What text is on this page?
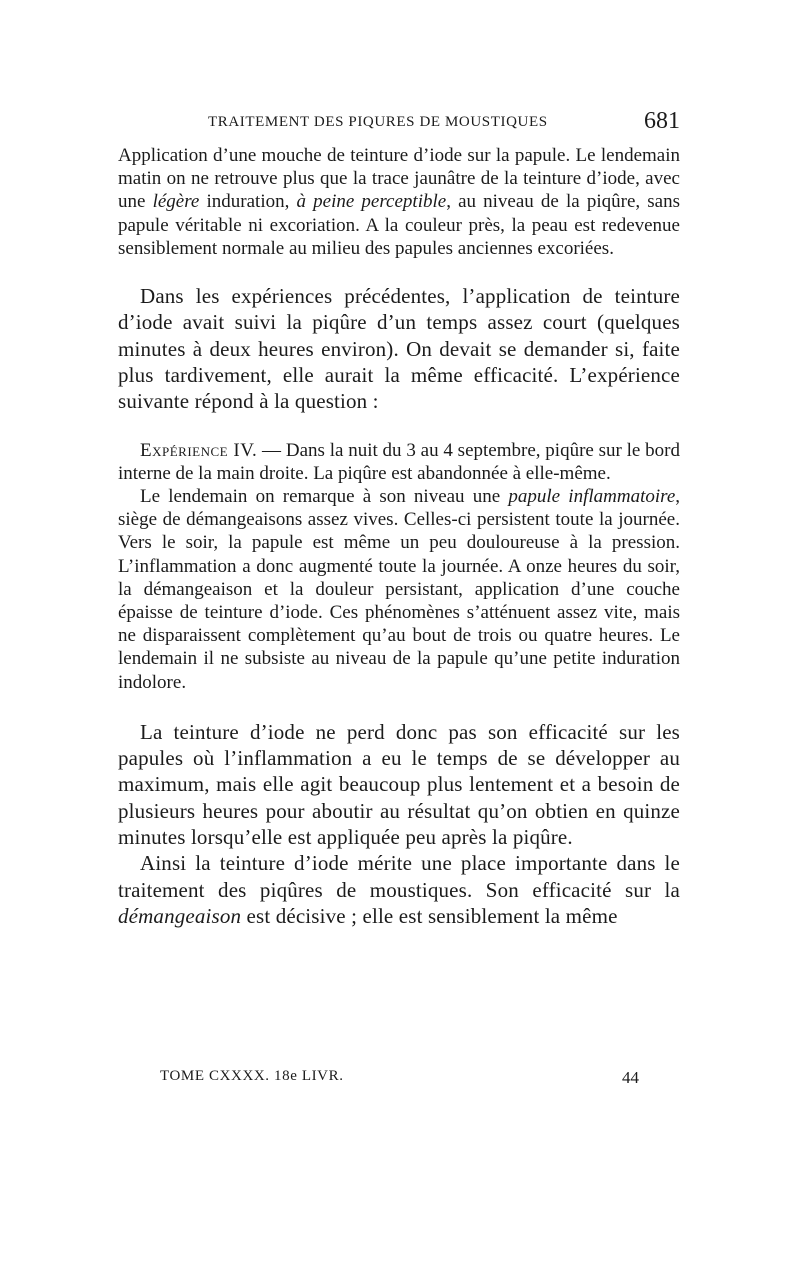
TRAITEMENT DES PIQURES DE MOUSTIQUES	681

Application d’une mouche de teinture d’iode sur la papule. Le lendemain matin on ne retrouve plus que la trace jaunâtre de la teinture d’iode, avec une légère induration, à peine perceptible, au niveau de la piqûre, sans papule véritable ni excoriation. A la couleur près, la peau est redevenue sensiblement normale au milieu des papules anciennes excoriées.

Dans les expériences précédentes, l’application de teinture d’iode avait suivi la piqûre d’un temps assez court (quelques minutes à deux heures environ). On devait se demander si, faite plus tardivement, elle aurait la même efficacité. L’expérience suivante répond à la question :

Expérience IV. — Dans la nuit du 3 au 4 septembre, piqûre sur le bord interne de la main droite. La piqûre est abandonnée à elle-même.

Le lendemain on remarque à son niveau une papule inflammatoire, siège de démangeaisons assez vives. Celles-ci persistent toute la journée. Vers le soir, la papule est même un peu douloureuse à la pression. L’inflammation a donc augmenté toute la journée. A onze heures du soir, la démangeaison et la douleur persistant, application d’une couche épaisse de teinture d’iode. Ces phénomènes s’atténuent assez vite, mais ne disparaissent complètement qu’au bout de trois ou quatre heures. Le lendemain il ne subsiste au niveau de la papule qu’une petite induration indolore.

La teinture d’iode ne perd donc pas son efficacité sur les papules où l’inflammation a eu le temps de se développer au maximum, mais elle agit beaucoup plus lentement et a besoin de plusieurs heures pour aboutir au résultat qu’on obtien en quinze minutes lorsqu’elle est appliquée peu après la piqûre.

Ainsi la teinture d’iode mérite une place importante dans le traitement des piqûres de moustiques. Son efficacité sur la démangeaison est décisive ; elle est sensiblement la même

TOME CXXXX. 18e LIVR.	44
